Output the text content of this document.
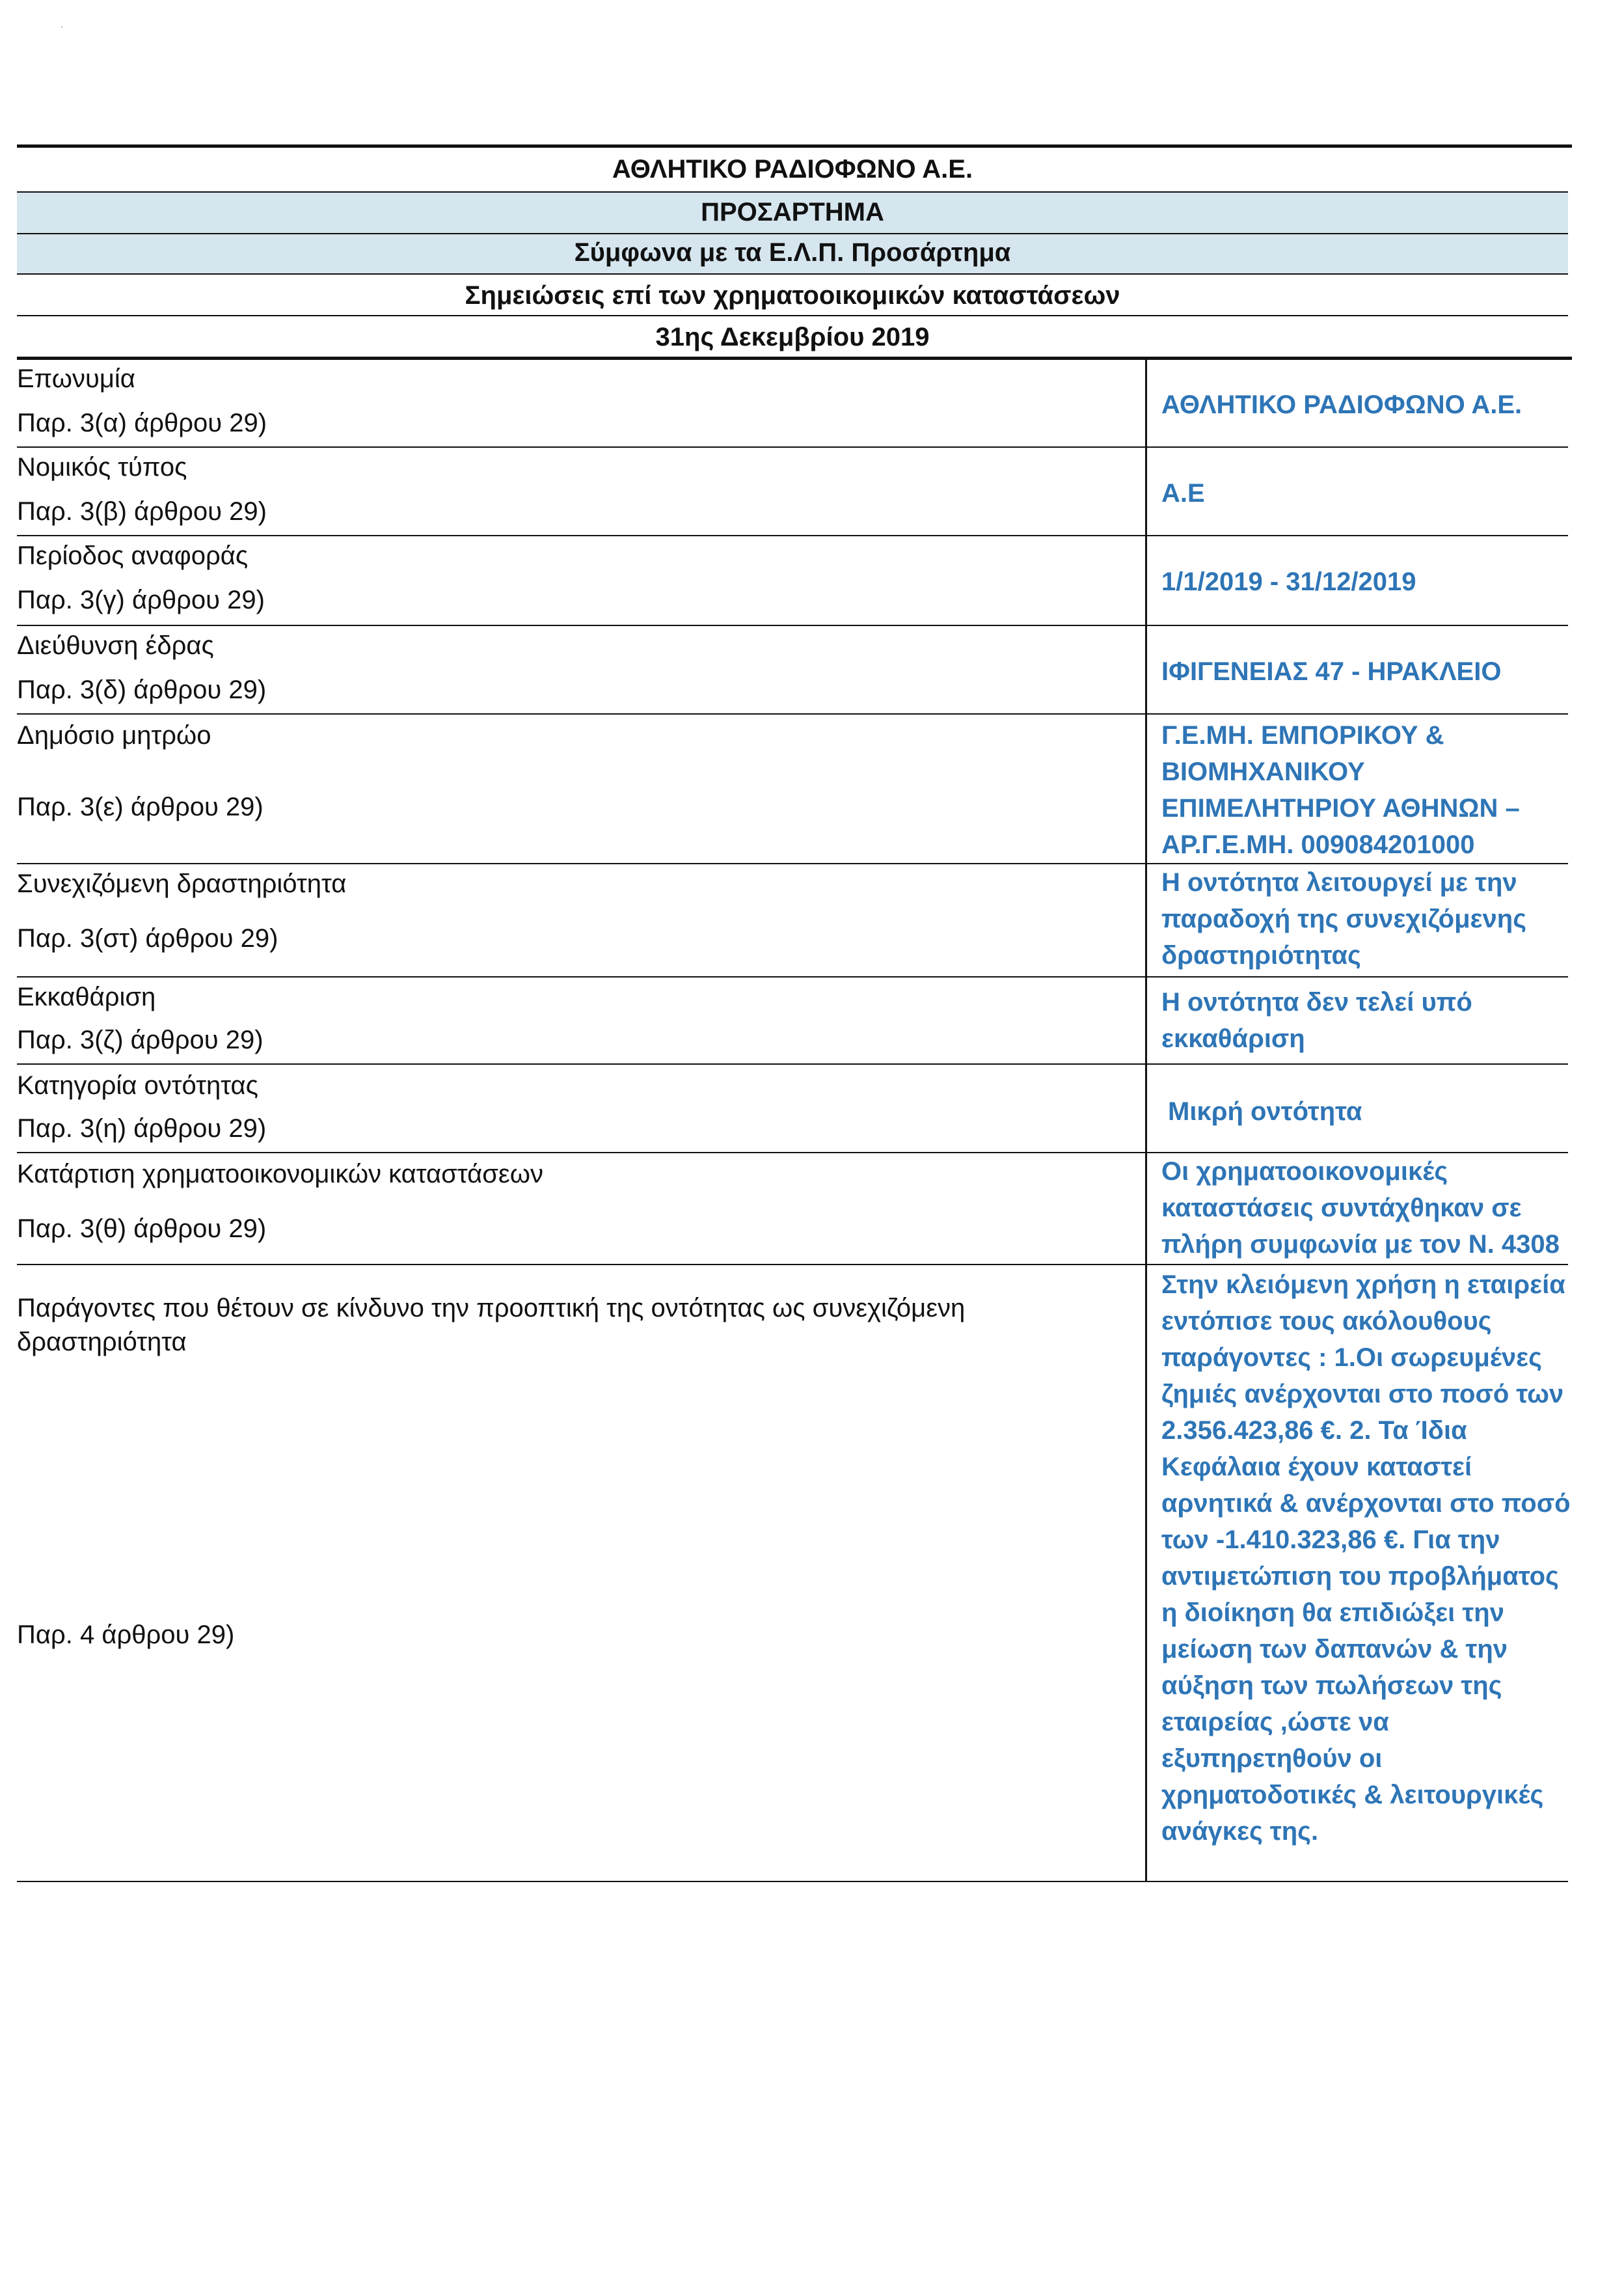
·
ΑΘΛΗΤΙΚΟ ΡΑΔΙΟΦΩΝΟ Α.Ε.
ΠΡΟΣΑΡΤΗΜΑ
Σύμφωνα με τα Ε.Λ.Π. Προσάρτημα
Σημειώσεις επί των χρηματοοικομικών καταστάσεων
31ης Δεκεμβρίου 2019
Επωνυμία
Παρ. 3(α) άρθρου 29)
ΑΘΛΗΤΙΚΟ ΡΑΔΙΟΦΩΝΟ Α.Ε.
Νομικός τύπος
Παρ. 3(β) άρθρου 29)
Α.Ε
Περίοδος αναφοράς
Παρ. 3(γ) άρθρου 29)
1/1/2019 - 31/12/2019
Διεύθυνση έδρας
Παρ. 3(δ) άρθρου 29)
ΙΦΙΓΕΝΕΙΑΣ 47 - ΗΡΑΚΛΕΙΟ
Δημόσιο μητρώο
Παρ. 3(ε) άρθρου 29)
Γ.Ε.ΜΗ. ΕΜΠΟΡΙΚΟΥ & ΒΙΟΜΗΧΑΝΙΚΟΥ ΕΠΙΜΕΛΗΤΗΡΙΟΥ ΑΘΗΝΩΝ – ΑΡ.Γ.Ε.ΜΗ. 009084201000
Συνεχιζόμενη δραστηριότητα
Παρ. 3(στ) άρθρου 29)
Η οντότητα λειτουργεί με την παραδοχή της συνεχιζόμενης δραστηριότητας
Εκκαθάριση
Παρ. 3(ζ) άρθρου 29)
Η οντότητα δεν τελεί υπό εκκαθάριση
Κατηγορία οντότητας
Παρ. 3(η) άρθρου 29)
Μικρή οντότητα
Κατάρτιση χρηματοοικονομικών καταστάσεων
Παρ. 3(θ) άρθρου 29)
Οι χρηματοοικονομικές καταστάσεις συντάχθηκαν σε πλήρη συμφωνία με τον Ν. 4308
Παράγοντες που θέτουν σε κίνδυνο την προοπτική της οντότητας ως συνεχιζόμενη
δραστηριότητα
Παρ. 4 άρθρου 29)
Στην κλειόμενη χρήση η εταιρεία εντόπισε τους ακόλουθους παράγοντες : 1.Οι σωρευμένες ζημιές ανέρχονται στο ποσό των 2.356.423,86 €. 2. Τα Ίδια Κεφάλαια έχουν καταστεί αρνητικά & ανέρχονται στο ποσό των -1.410.323,86 €. Για την αντιμετώπιση του προβλήματος η διοίκηση θα επιδιώξει την μείωση των δαπανών & την αύξηση των πωλήσεων της εταιρείας ,ώστε να εξυπηρετηθούν οι χρηματοδοτικές & λειτουργικές ανάγκες της.
